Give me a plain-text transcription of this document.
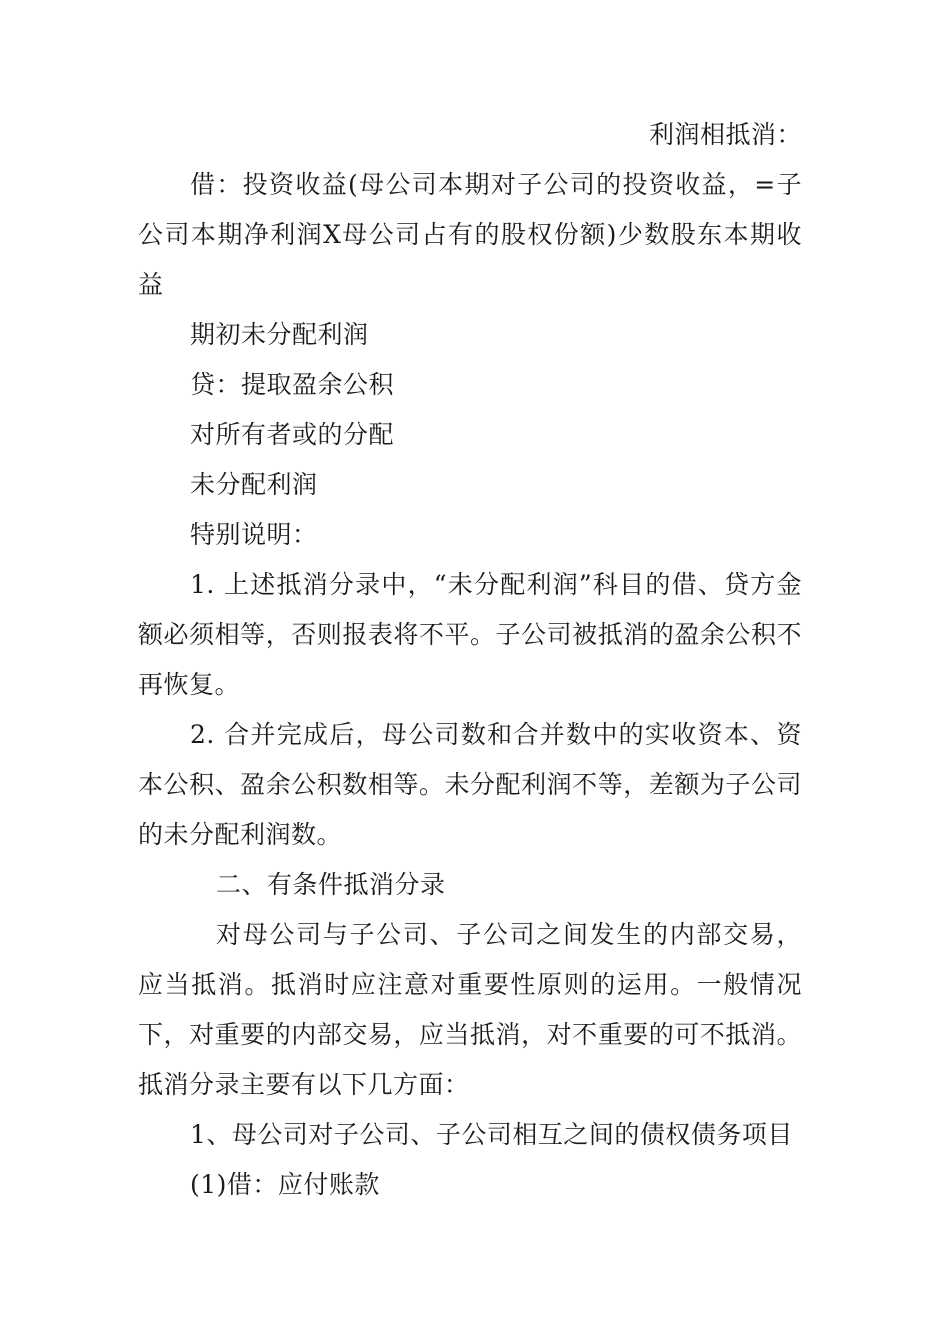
利润相抵消：

借：投资收益(母公司本期对子公司的投资收益，=子公司本期净利润X母公司占有的股权份额)少数股东本期收益

期初未分配利润

贷：提取盈余公积

对所有者或的分配

未分配利润

特别说明：

1. 上述抵消分录中，“未分配利润”科目的借、贷方金额必须相等，否则报表将不平。子公司被抵消的盈余公积不再恢复。

2. 合并完成后，母公司数和合并数中的实收资本、资本公积、盈余公积数相等。未分配利润不等，差额为子公司的未分配利润数。

二、有条件抵消分录

对母公司与子公司、子公司之间发生的内部交易，应当抵消。抵消时应注意对重要性原则的运用。一般情况下，对重要的内部交易，应当抵消，对不重要的可不抵消。抵消分录主要有以下几方面：

1、母公司对子公司、子公司相互之间的债权债务项目

(1)借：应付账款
